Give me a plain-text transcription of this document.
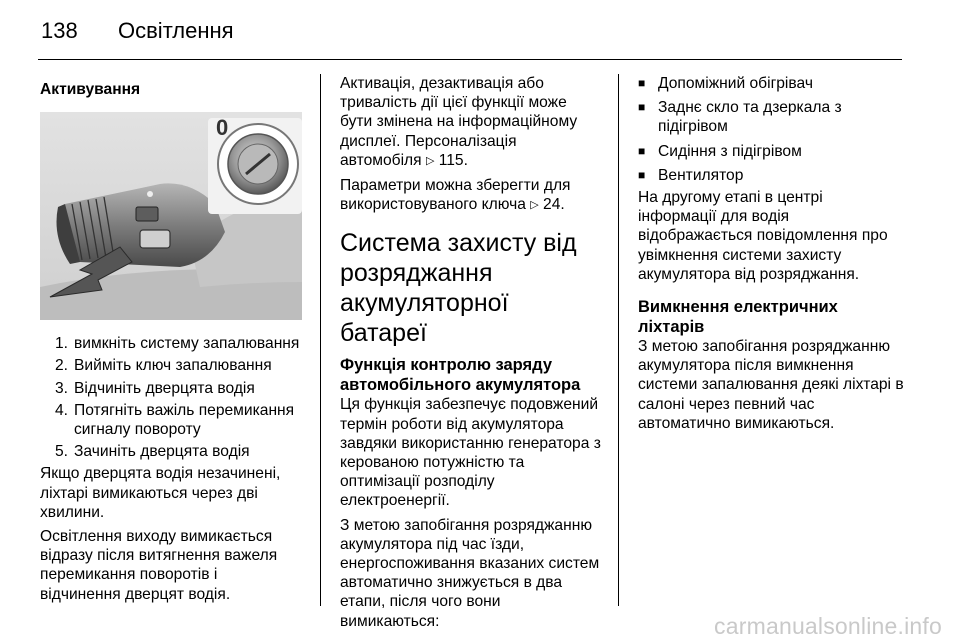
138 Освітлення
Активування
0
1. вимкніть систему запалювання
2. Вийміть ключ запалювання
3. Відчиніть дверцята водія
4. Потягніть важіль перемикання сигналу повороту
5. Зачиніть дверцята водія

Якщо дверцята водія незачинені, ліхтарі вимикаються через дві хвилини.

Освітлення виходу вимикається відразу після витягнення важеля перемикання поворотів і відчинення дверцят водія.

Активація, дезактивація або тривалість дії цієї функції може бути змінена на інформаційному дисплеї. Персоналізація автомобіля ▷ 115.

Параметри можна зберегти для використовуваного ключа ▷ 24.

Система захисту від розряджання акумуляторної батареї
Функція контролю заряду автомобільного акумулятора

Ця функція забезпечує подовжений термін роботи від акумулятора завдяки використанню генератора з керованою потужністю та оптимізації розподілу електроенергії.

З метою запобігання розряджанню акумулятора під час їзди, енергоспоживання вказаних систем автоматично знижується в два етапи, після чого вони вимикаються:

■ Допоміжний обігрівач
■ Заднє скло та дзеркала з підігрівом
■ Сидіння з підігрівом
■ Вентилятор

На другому етапі в центрі інформації для водія відображається повідомлення про увімкнення системи захисту акумулятора від розряджання.

Вимкнення електричних ліхтарів

З метою запобігання розряджанню акумулятора після вимкнення системи запалювання деякі ліхтарі в салоні через певний час автоматично вимикаються.

carmanualsonline.info
